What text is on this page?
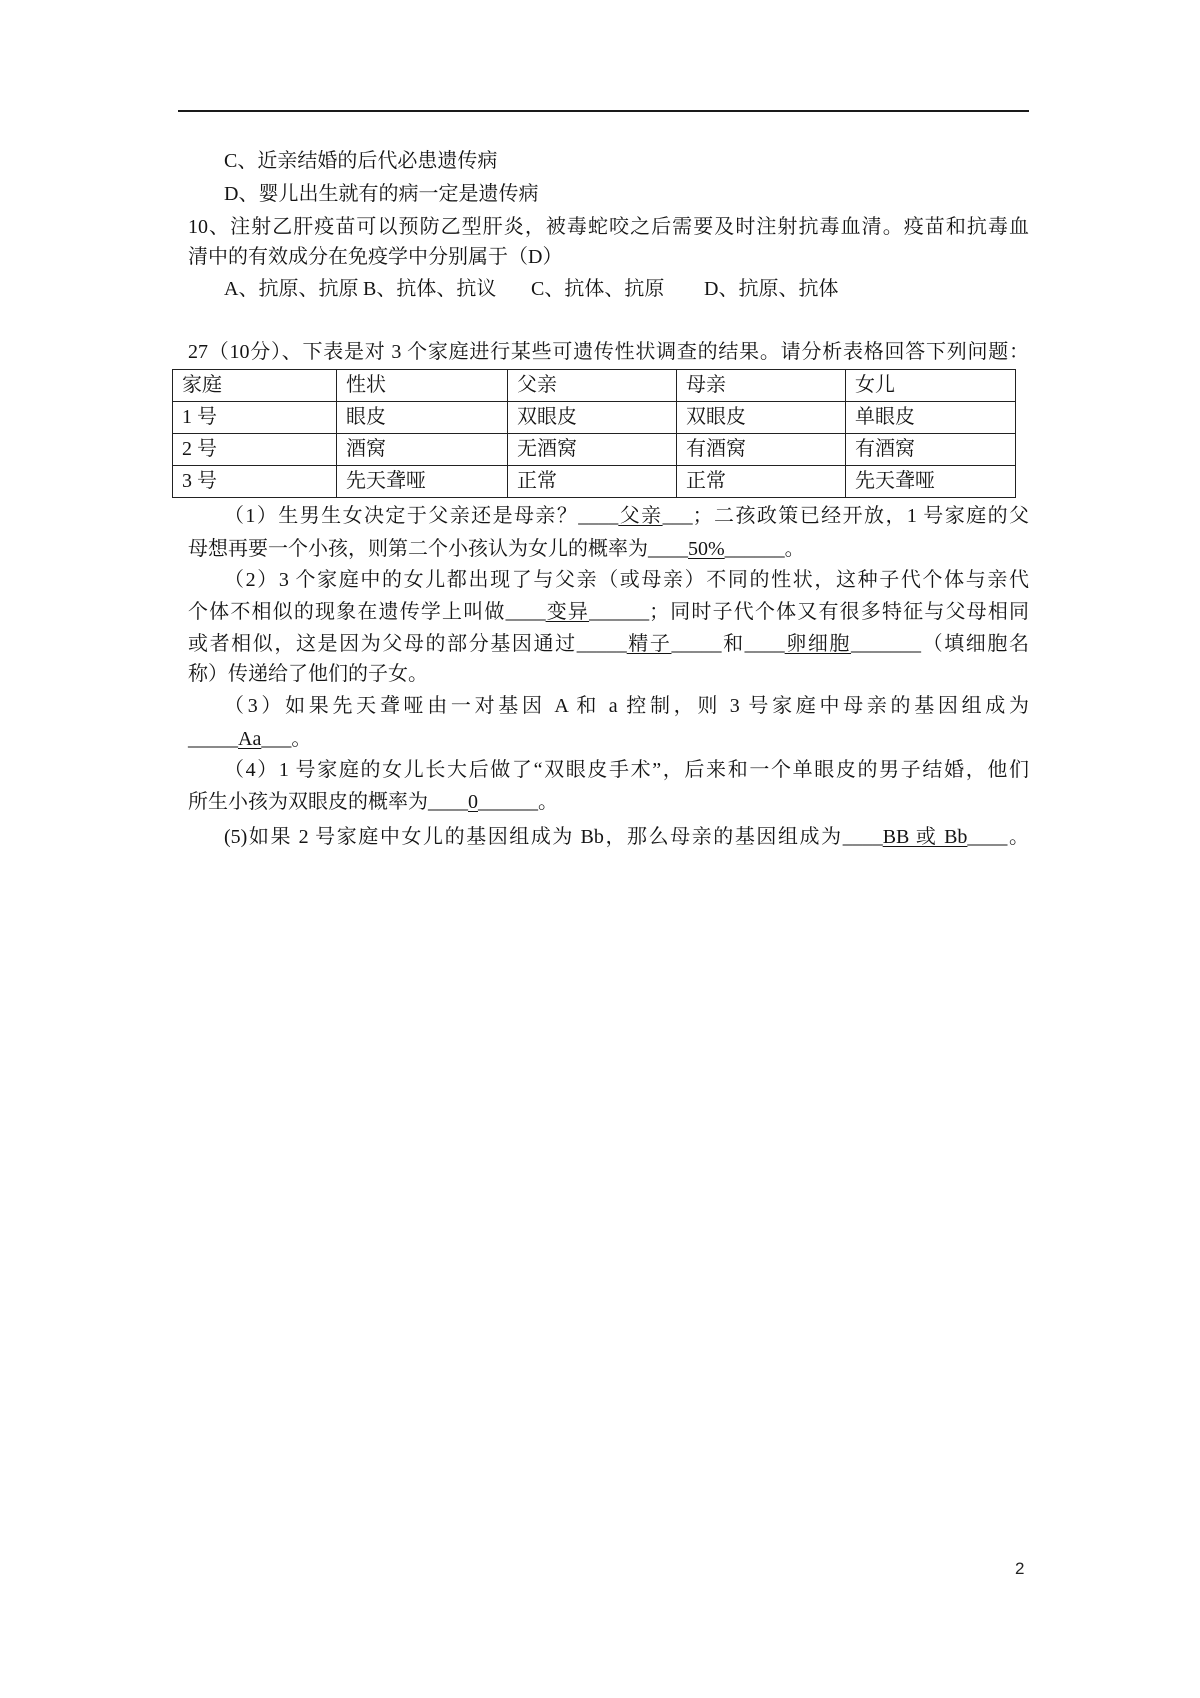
C、近亲结婚的后代必患遗传病
D、婴儿出生就有的病一定是遗传病
10、注射乙肝疫苗可以预防乙型肝炎，被毒蛇咬之后需要及时注射抗毒血清。疫苗和抗毒血
清中的有效成分在免疫学中分别属于（D）
A、抗原、抗原 B、抗体、抗议 C、抗体、抗原 D、抗原、抗体
27（10分）、下表是对 3 个家庭进行某些可遗传性状调查的结果。请分析表格回答下列问题：
家庭	性状	父亲	母亲	女儿
1 号	眼皮	双眼皮	双眼皮	单眼皮
2 号	酒窝	无酒窝	有酒窝	有酒窝
3 号	先天聋哑	正常	正常	先天聋哑
（1）生男生女决定于父亲还是母亲？____父亲___；二孩政策已经开放，1 号家庭的父
母想再要一个小孩，则第二个小孩认为女儿的概率为____50%______。
（2）3 个家庭中的女儿都出现了与父亲（或母亲）不同的性状，这种子代个体与亲代
个体不相似的现象在遗传学上叫做____变异______；同时子代个体又有很多特征与父母相同
或者相似，这是因为父母的部分基因通过_____精子_____和____卵细胞_______（填细胞名
称）传递给了他们的子女。
（3）如果先天聋哑由一对基因 A 和 a 控制，则 3 号家庭中母亲的基因组成为
_____Aa___。
（4）1 号家庭的女儿长大后做了“双眼皮手术”，后来和一个单眼皮的男子结婚，他们
所生小孩为双眼皮的概率为____0______。
(5)如果 2 号家庭中女儿的基因组成为 Bb，那么母亲的基因组成为____BB 或 Bb____。
2
